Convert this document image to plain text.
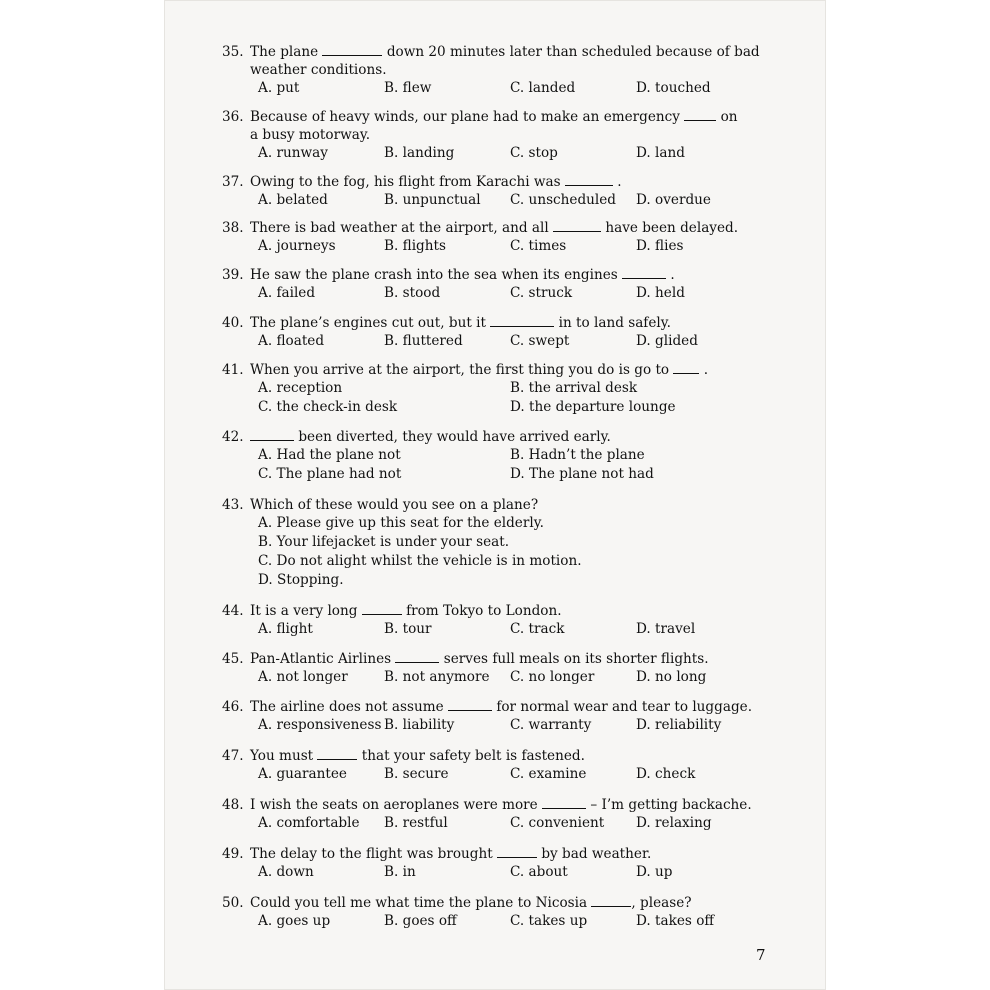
35. The plane	down 20 minutes later than scheduled because of bad
weather conditions.
A. put	B. flew	C. landed	D. touched
36. Because of heavy winds, our plane had to make an emergency	on
a busy motorway.
A. runway	B. landing	C. stop	D. land
37. Owing to the fog, his flight from Karachi was	.
A. belated	B. unpunctual C. unscheduled D. overdue
38. There is bad weather at the airport, and all	have been delayed.
A. journeys	B. flights	C. times	D. flies
39. He saw the plane crash into the sea when its engines	.
A. failed	B. stood	C. struck	D. held
40. The plane’s engines cut out, but it	in to land safely.
A. floated	B. fluttered	C. swept	D. glided
41. When you arrive at the airport, the first thing you do is go to	.
A. reception	B. the arrival desk
C. the check-in desk	D. the departure lounge
42.	been diverted, they would have arrived early.
A. Had the plane not	B. Hadn’t the plane
C. The plane had not	D. The plane not had
43. Which of these would you see on a plane?
A. Please give up this seat for the elderly.
B. Your lifejacket is under your seat.
C. Do not alight whilst the vehicle is in motion.
D. Stopping.
44. It is a very long	from Tokyo to London.
A. flight	B. tour	C. track	D. travel
45. Pan-Atlantic Airlines	serves full meals on its shorter flights.
A. not longer	B. not anymore C. no longer	D. no long
46. The airline does not assume	for normal wear and tear to luggage.
A. responsiveness B. liability	C. warranty	D. reliability
47. You must	that your safety belt is fastened.
A. guarantee	B. secure	C. examine	D. check
48. I wish the seats on aeroplanes were more	– I’m getting backache.
A. comfortable B. restful	C. convenient D. relaxing
49. The delay to the flight was brought	by bad weather.
A. down	B. in	C. about	D. up
50. Could you tell me what time the plane to Nicosia	, please?
A. goes up	B. goes off	C. takes up	D. takes off
7
